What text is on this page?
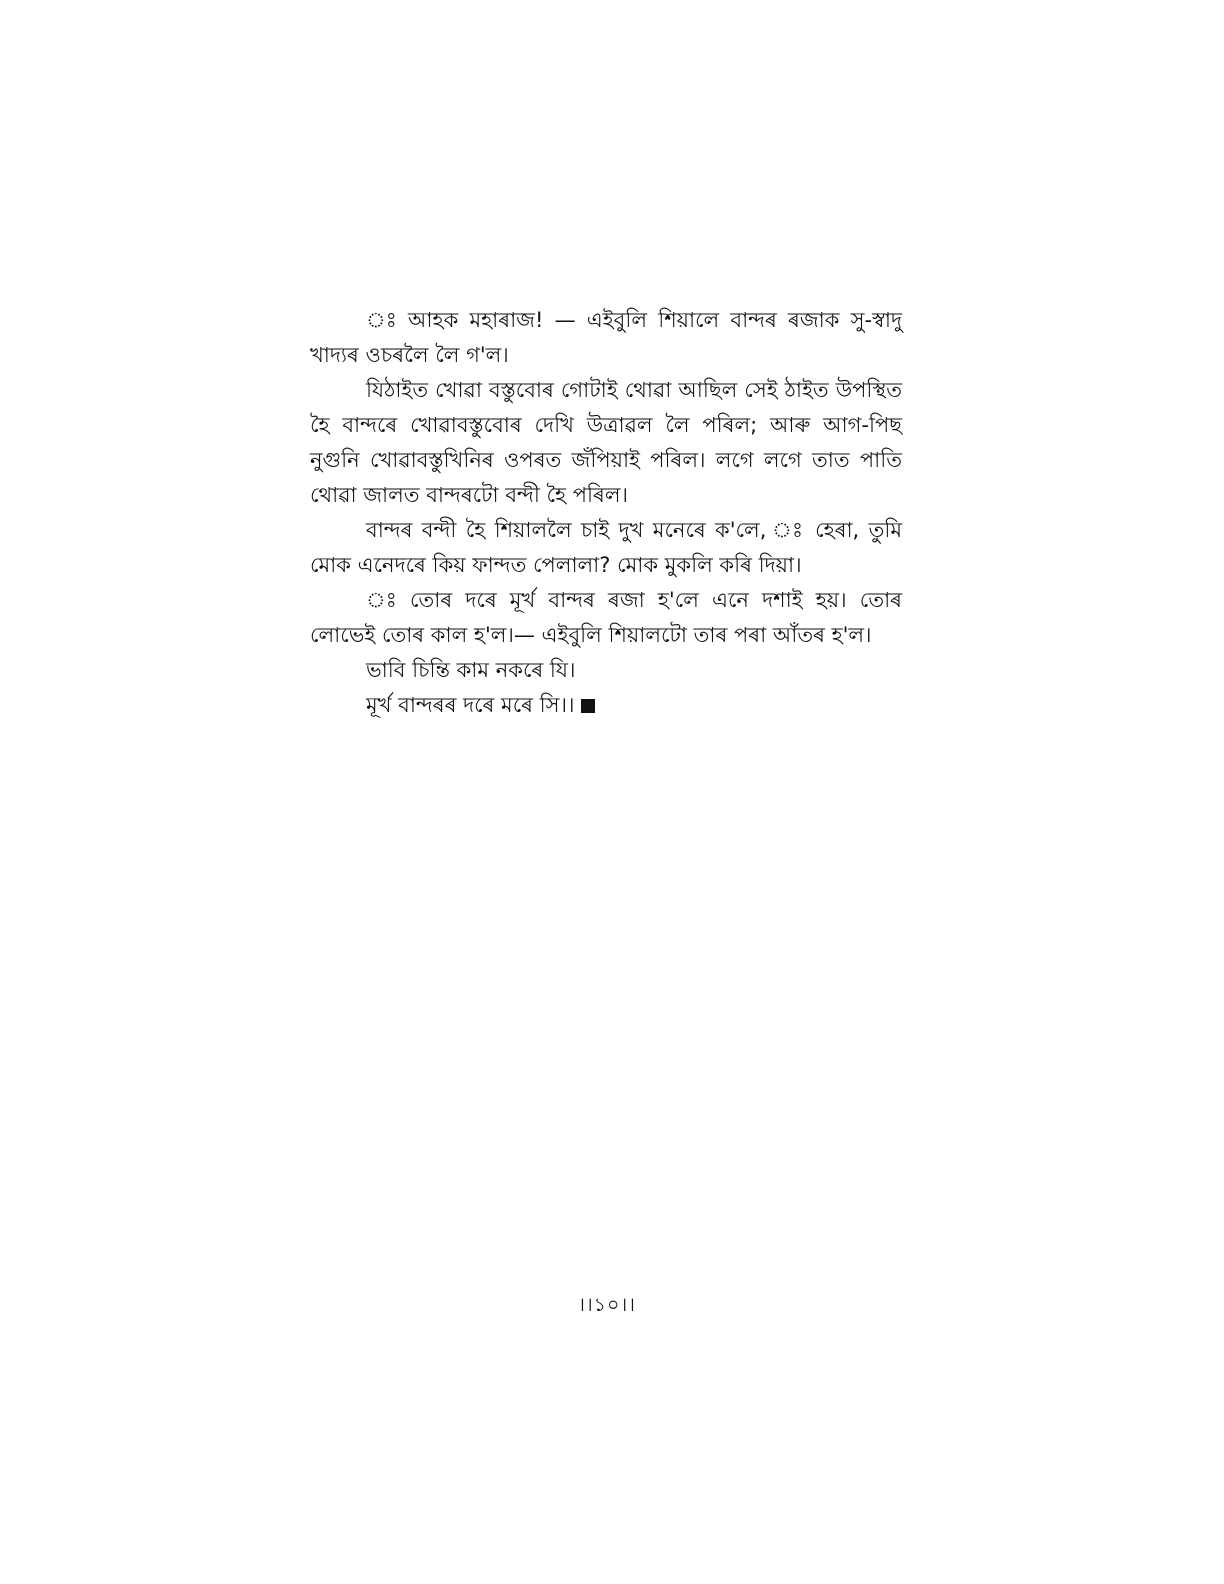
ঃ আহক মহাৰাজ! — এইবুলি শিয়ালে বান্দৰ ৰজাক সু-স্বাদু খাদ্যৰ ওচৰলৈ লৈ গ'ল।

যিঠাইত খোৱা বস্তুবোৰ গোটাই থোৱা আছিল সেই ঠাইত উপস্থিত হৈ বান্দৰে খোৱাবস্তুবোৰ দেখি উত্ৰাৱল লৈ পৰিল; আৰু আগ-পিছ নুগুনি খোৱাবস্তুখিনিৰ ওপৰত জঁপিয়াই পৰিল। লগে লগে তাত পাতি থোৱা জালত বান্দৰটো বন্দী হৈ পৰিল।

বান্দৰ বন্দী হৈ শিয়াললৈ চাই দুখ মনেৰে ক'লে, ঃ হেৰা, তুমি মোক এনেদৰে কিয় ফান্দত পেলালা? মোক মুকলি কৰি দিয়া।

ঃ তোৰ দৰে মূৰ্খ বান্দৰ ৰজা হ'লে এনে দশাই হয়। তোৰ লোভেই তোৰ কাল হ'ল।— এইবুলি শিয়ালটো তাৰ পৰা আঁতৰ হ'ল।

ভাবি চিন্তি কাম নকৰে যি।

মূৰ্খ বান্দৰৰ দৰে মৰে সি।।

।।১০।।
